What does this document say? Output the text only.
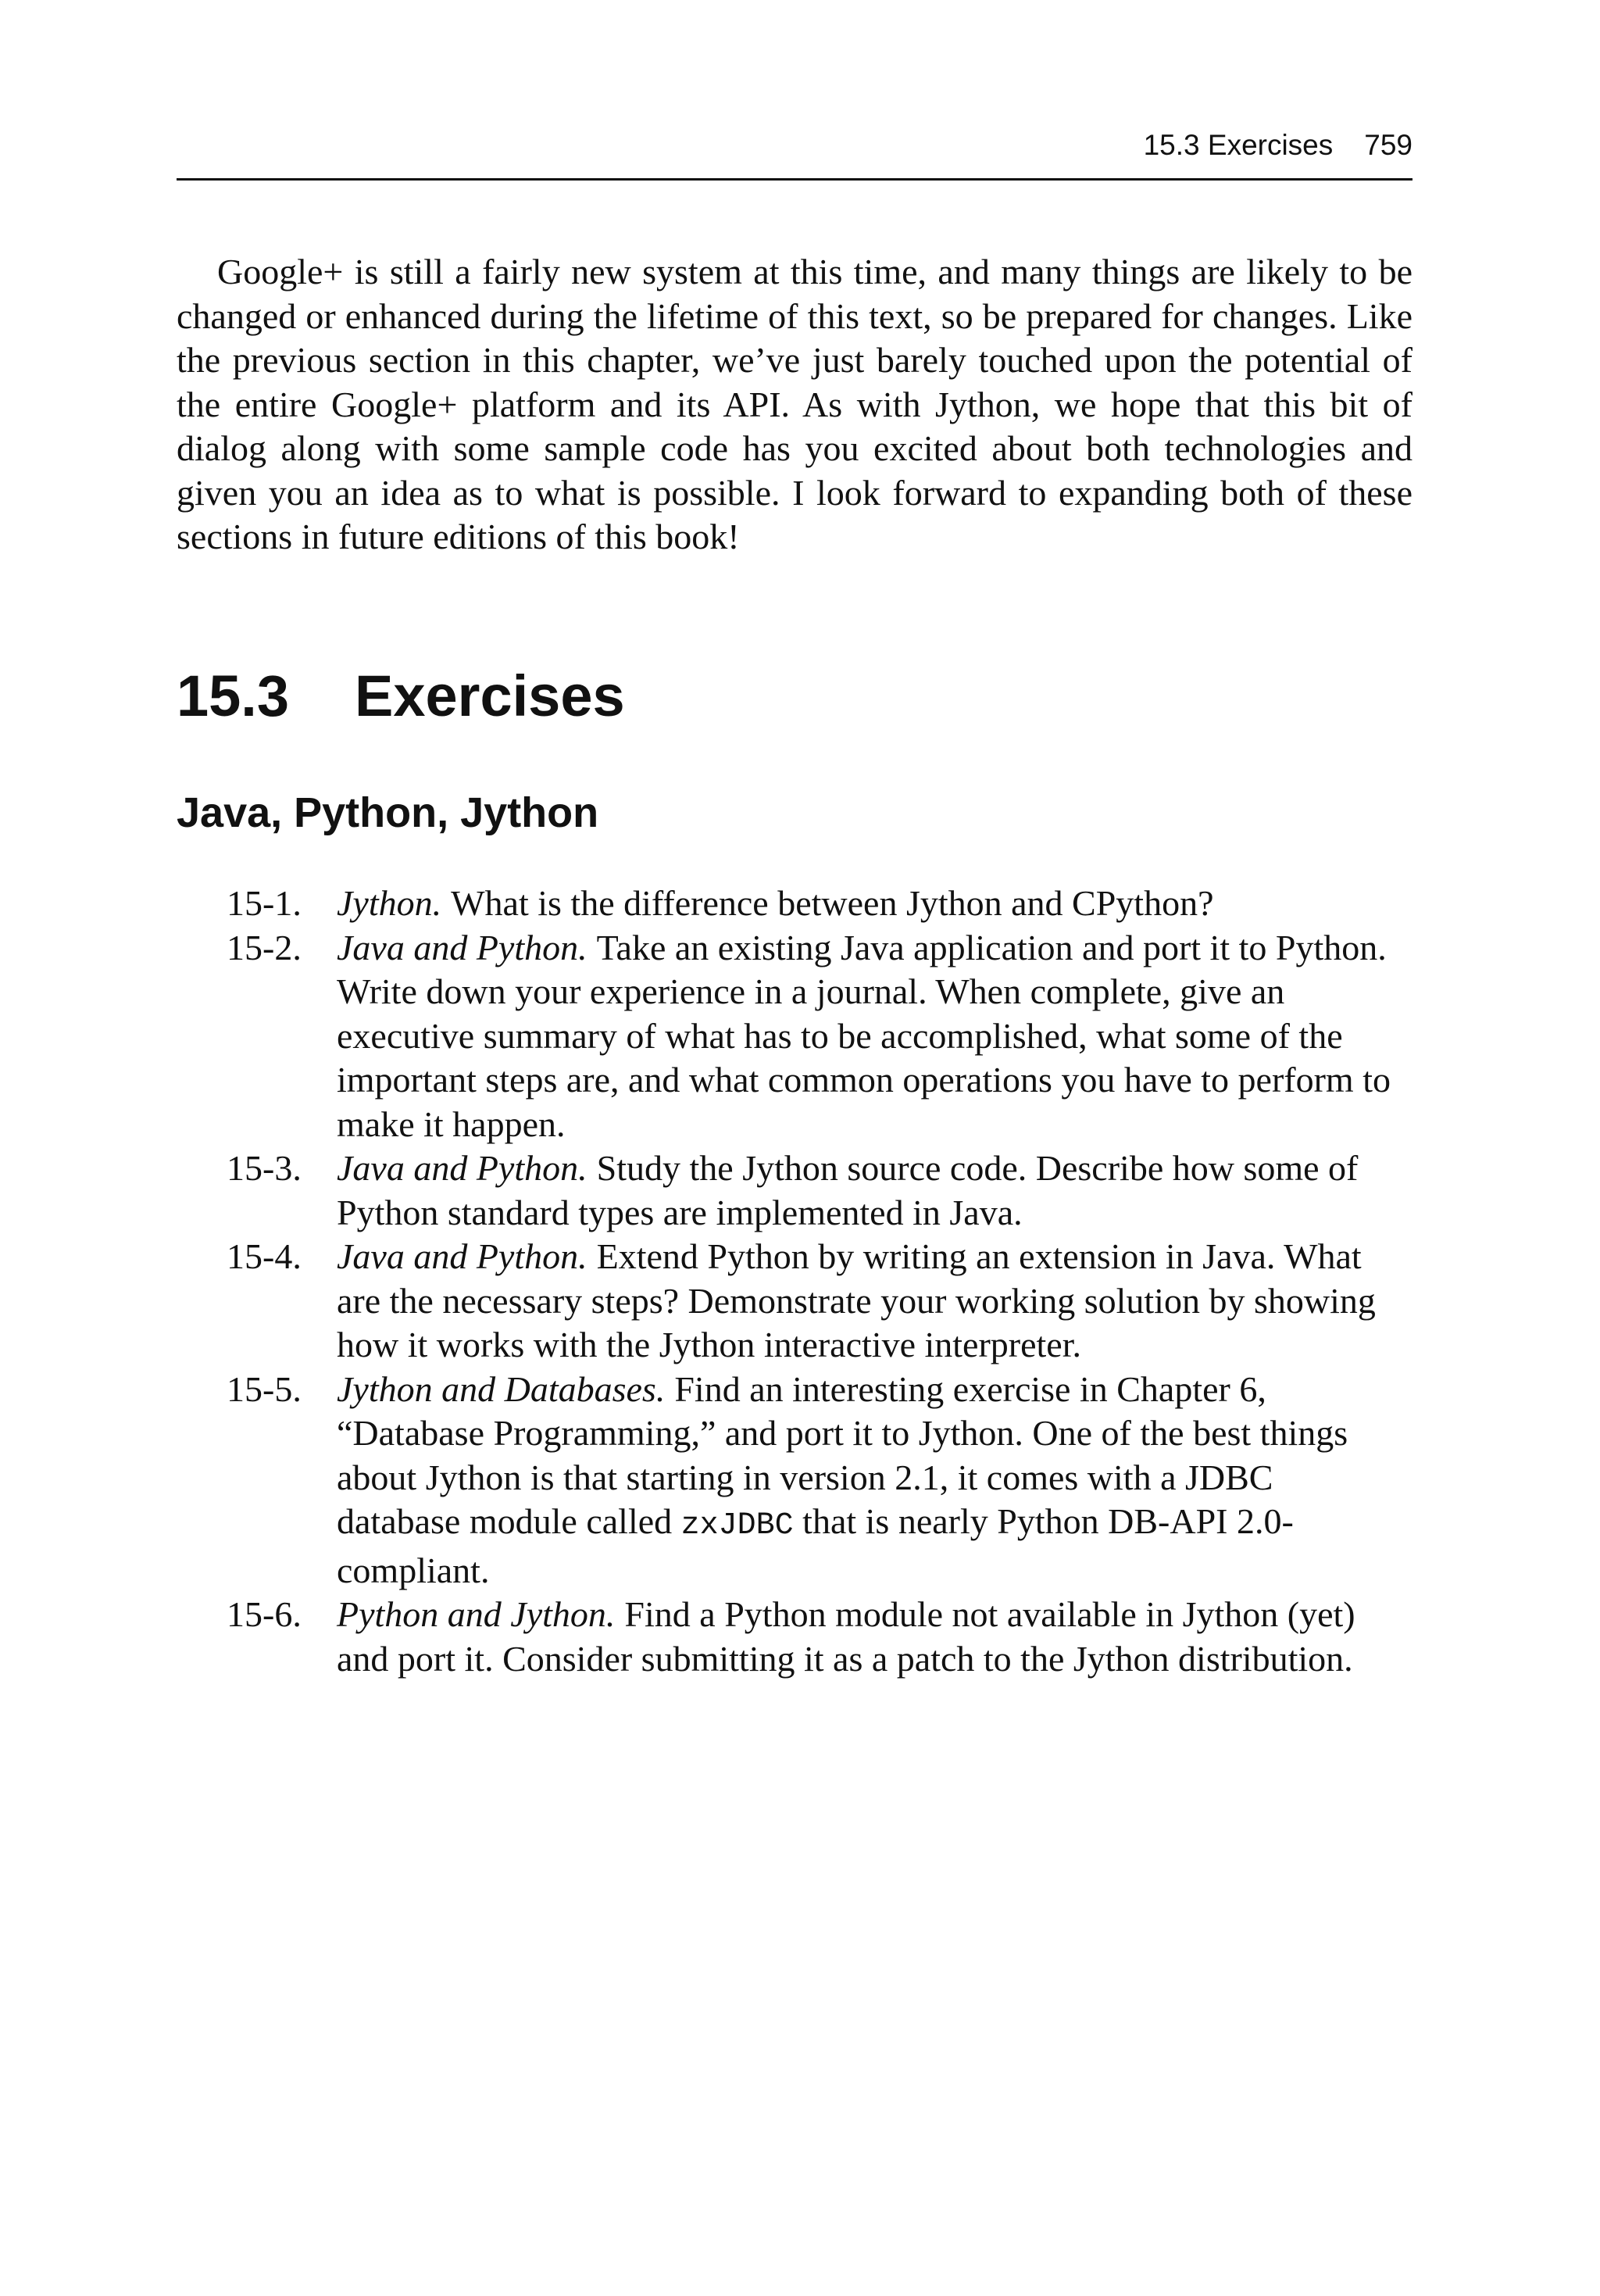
15.3 Exercises 759

Google+ is still a fairly new system at this time, and many things are likely to be changed or enhanced during the lifetime of this text, so be prepared for changes. Like the previous section in this chapter, we’ve just barely touched upon the potential of the entire Google+ platform and its API. As with Jython, we hope that this bit of dialog along with some sample code has you excited about both technologies and given you an idea as to what is possible. I look forward to expanding both of these sections in future editions of this book!

15.3 Exercises
Java, Python, Jython
15-1. Jython. What is the difference between Jython and CPython?
15-2. Java and Python. Take an existing Java application and port it to Python. Write down your experience in a journal. When complete, give an executive summary of what has to be accomplished, what some of the important steps are, and what common operations you have to perform to make it happen.
15-3. Java and Python. Study the Jython source code. Describe how some of Python standard types are implemented in Java.
15-4. Java and Python. Extend Python by writing an extension in Java. What are the necessary steps? Demonstrate your working solution by showing how it works with the Jython interactive interpreter.
15-5. Jython and Databases. Find an interesting exercise in Chapter 6, “Database Programming,” and port it to Jython. One of the best things about Jython is that starting in version 2.1, it comes with a JDBC database module called zxJDBC that is nearly Python DB-API 2.0-compliant.
15-6. Python and Jython. Find a Python module not available in Jython (yet) and port it. Consider submitting it as a patch to the Jython distribution.
